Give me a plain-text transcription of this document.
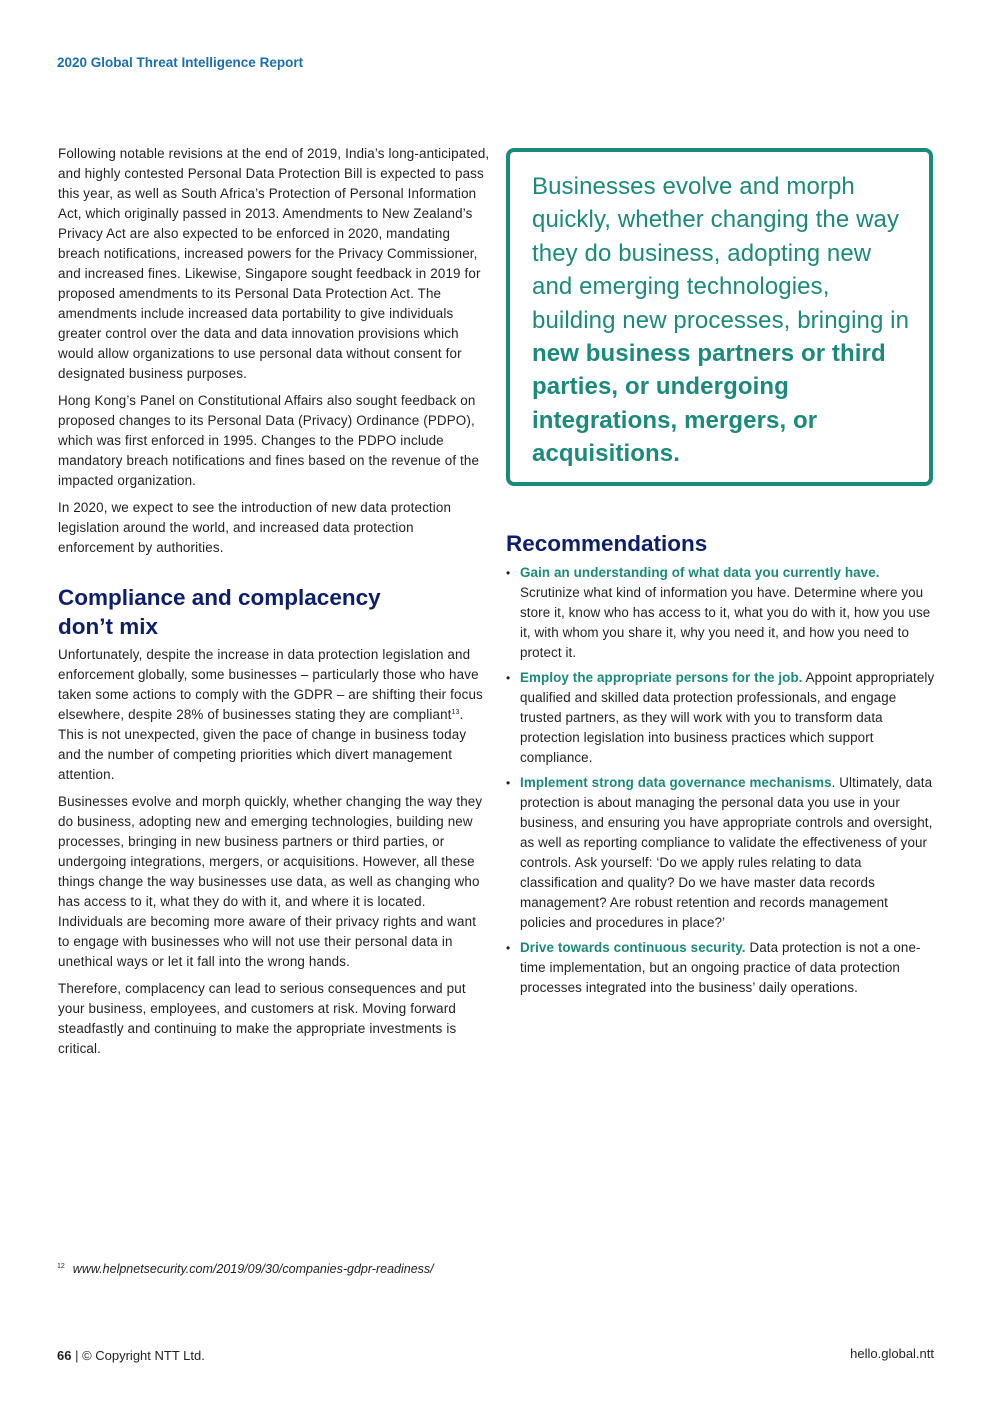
2020 Global Threat Intelligence Report

Following notable revisions at the end of 2019, India’s long-anticipated, and highly contested Personal Data Protection Bill is expected to pass this year, as well as South Africa’s Protection of Personal Information Act, which originally passed in 2013. Amendments to New Zealand’s Privacy Act are also expected to be enforced in 2020, mandating breach notifications, increased powers for the Privacy Commissioner, and increased fines. Likewise, Singapore sought feedback in 2019 for proposed amendments to its Personal Data Protection Act. The amendments include increased data portability to give individuals greater control over the data and data innovation provisions which would allow organizations to use personal data without consent for designated business purposes.

Hong Kong’s Panel on Constitutional Affairs also sought feedback on proposed changes to its Personal Data (Privacy) Ordinance (PDPO), which was first enforced in 1995. Changes to the PDPO include mandatory breach notifications and fines based on the revenue of the impacted organization.

In 2020, we expect to see the introduction of new data protection legislation around the world, and increased data protection enforcement by authorities.

Compliance and complacency
don’t mix

Unfortunately, despite the increase in data protection legislation and enforcement globally, some businesses – particularly those who have taken some actions to comply with the GDPR – are shifting their focus elsewhere, despite 28% of businesses stating they are compliant$^{13}$. This is not unexpected, given the pace of change in business today and the number of competing priorities which divert management attention.

Businesses evolve and morph quickly, whether changing the way they do business, adopting new and emerging technologies, building new processes, bringing in new business partners or third parties, or undergoing integrations, mergers, or acquisitions. However, all these things change the way businesses use data, as well as changing who has access to it, what they do with it, and where it is located. Individuals are becoming more aware of their privacy rights and want to engage with businesses who will not use their personal data in unethical ways or let it fall into the wrong hands.

Therefore, complacency can lead to serious consequences and put your business, employees, and customers at risk. Moving forward steadfastly and continuing to make the appropriate investments is critical.

Businesses evolve and morph quickly, whether changing the way they do business, adopting new and emerging technologies, building new processes, bringing in new business partners or third parties, or undergoing integrations, mergers, or acquisitions.
Recommendations
• Gain an understanding of what data you currently have. Scrutinize what kind of information you have. Determine where you store it, know who has access to it, what you do with it, how you use it, with whom you share it, why you need it, and how you need to protect it.
• Employ the appropriate persons for the job. Appoint appropriately qualified and skilled data protection professionals, and engage trusted partners, as they will work with you to transform data protection legislation into business practices which support compliance.
• Implement strong data governance mechanisms. Ultimately, data protection is about managing the personal data you use in your business, and ensuring you have appropriate controls and oversight, as well as reporting compliance to validate the effectiveness of your controls. Ask yourself: ‘Do we apply rules relating to data classification and quality? Do we have master data records management? Are robust retention and records management policies and procedures in place?’
• Drive towards continuous security. Data protection is not a one-time implementation, but an ongoing practice of data protection processes integrated into the business’ daily operations.
$^{12}$ www.helpnetsecurity.com/2019/09/30/companies-gdpr-readiness/
66 | © Copyright NTT Ltd.	hello.global.ntt
